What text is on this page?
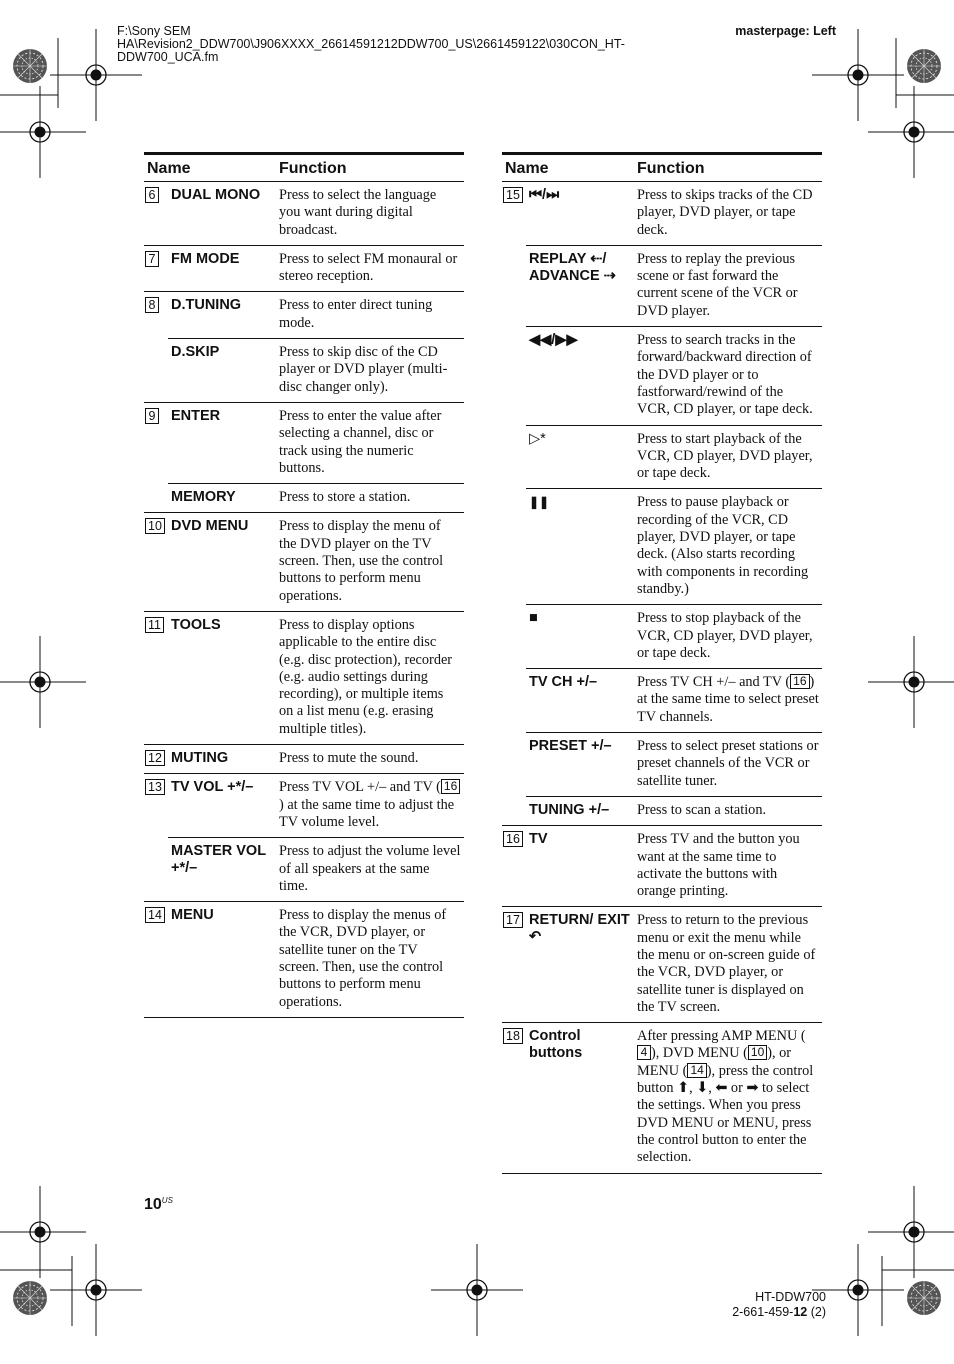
F:\Sony SEM HA\Revision2_DDW700\J906XXXX_26614591212DDW700_US\2661459122\030CON_HT-DDW700_UCA.fm
masterpage: Left
Name		Function
6	DUAL MONO	Press to select the language you want during digital broadcast.
7	FM MODE	Press to select FM monaural or stereo reception.
8	D.TUNING	Press to enter direct tuning mode.
	D.SKIP	Press to skip disc of the CD player or DVD player (multi-disc changer only).
9	ENTER	Press to enter the value after selecting a channel, disc or track using the numeric buttons.
	MEMORY	Press to store a station.
10	DVD MENU	Press to display the menu of the DVD player on the TV screen. Then, use the control buttons to perform menu operations.
11	TOOLS	Press to display options applicable to the entire disc (e.g. disc protection), recorder (e.g. audio settings during recording), or multiple items on a list menu (e.g. erasing multiple titles).
12	MUTING	Press to mute the sound.
13	TV VOL +*/–	Press TV VOL +/– and TV ( 16) at the same time to adjust the TV volume level.
	MASTER VOL +*/–	Press to adjust the volume level of all speakers at the same time.
14	MENU	Press to display the menus of the VCR, DVD player, or satellite tuner on the TV screen. Then, use the control buttons to perform menu operations.
Name		Function
15	⏮/⏭	Press to skips tracks of the CD player, DVD player, or tape deck.
	REPLAY ⇠/ ADVANCE ⇢	Press to replay the previous scene or fast forward the current scene of the VCR or DVD player.
	◀◀/▶▶	Press to search tracks in the forward/backward direction of the DVD player or to fastforward/rewind of the VCR, CD player, or tape deck.
	▷*	Press to start playback of the VCR, CD player, DVD player, or tape deck.
	❚❚	Press to pause playback or recording of the VCR, CD player, DVD player, or tape deck. (Also starts recording with components in recording standby.)
	■	Press to stop playback of the VCR, CD player, DVD player, or tape deck.
	TV CH +/–	Press TV CH +/– and TV ( 16 ) at the same time to select preset TV channels.
	PRESET +/–	Press to select preset stations or preset channels of the VCR or satellite tuner.
	TUNING +/–	Press to scan a station.
16	TV	Press TV and the button you want at the same time to activate the buttons with orange printing.
17	RETURN/ EXIT ↶	Press to return to the previous menu or exit the menu while the menu or on-screen guide of the VCR, DVD player, or satellite tuner is displayed on the TV screen.
18	Control buttons	After pressing AMP MENU (4 ), DVD MENU ( 10 ), or MENU ( 14 ), press the control button ⬆, ⬇, ⬅ or ➡ to select the settings. When you press DVD MENU or MENU, press the control button to enter the selection.
$10^{US}$
HT-DDW700
2-661-459-12 (2)
